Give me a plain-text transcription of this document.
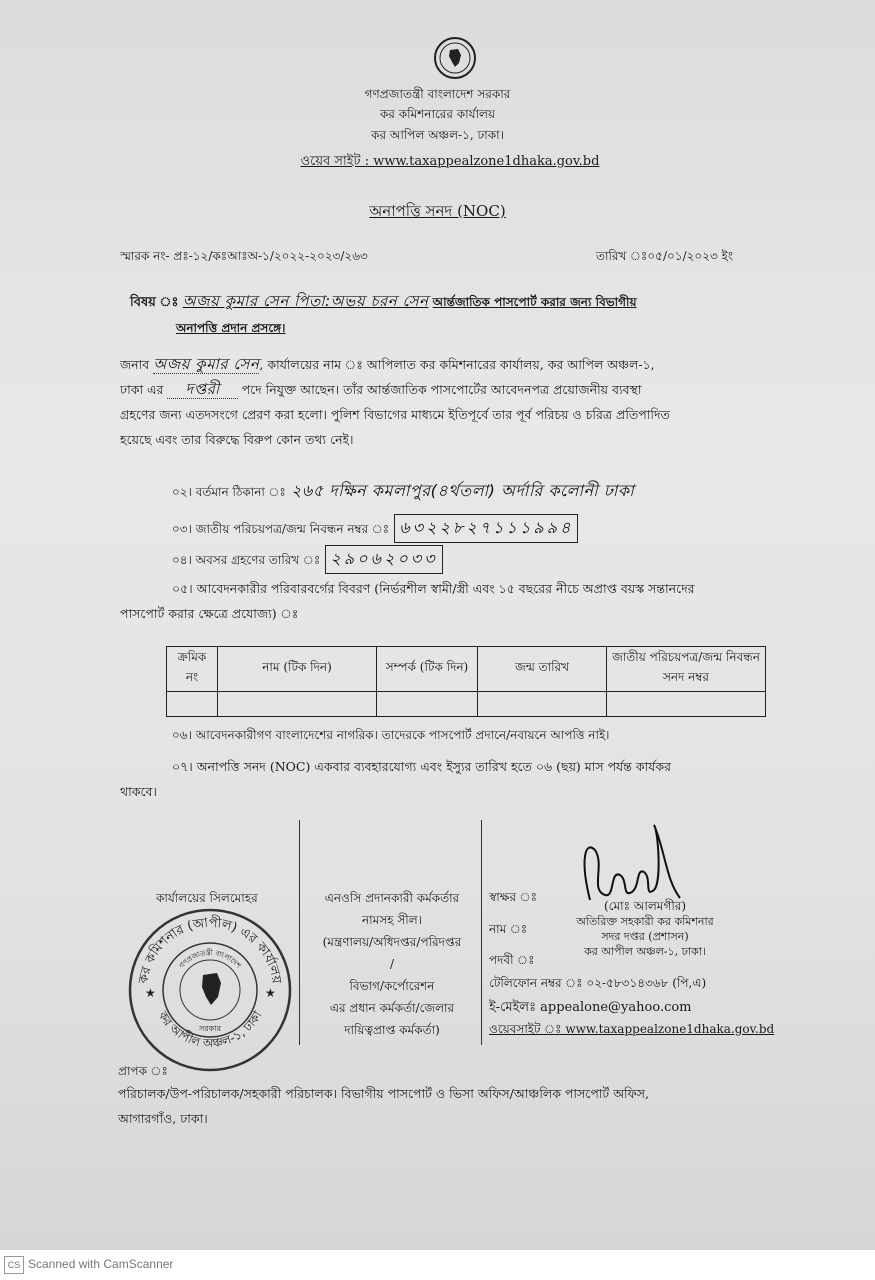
গণপ্রজাতন্ত্রী বাংলাদেশ সরকার
কর কমিশনারের কার্যালয়
কর আপিল অঞ্চল-১, ঢাকা।
ওয়েব সাইট : www.taxappealzone1dhaka.gov.bd
অনাপত্তি সনদ (NOC)
স্মারক নং- প্রঃ-১২/কঃআঃঅ-১/২০২২-২০২৩/২৬৩	তারিখ ঃ০৫/০১/২০২৩ ইং
বিষয় ঃ অজয় কুমার সেন পিতা:অভয় চরন সেন আর্ন্তজাতিক পাসপোর্ট করার জন্য বিভাগীয়
অনাপত্তি প্রদান প্রসঙ্গে।
জনাব অজয় কুমার সেন, কার্যালয়ের নাম ঃ আপিলাত কর কমিশনারের কার্যালয়, কর আপিল অঞ্চল-১,
ঢাকা এর দপ্তরী পদে নিযুক্ত আছেন। তাঁর আর্ন্তজাতিক পাসপোর্টের আবেদনপত্র প্রয়োজনীয় ব্যবস্থা
গ্রহণের জন্য এতদসংগে প্রেরণ করা হলো। পুলিশ বিভাগের মাধ্যমে ইতিপূর্বে তার পূর্ব পরিচয় ও চরিত্র প্রতিপাদিত
হয়েছে এবং তার বিরুদ্ধে বিরুপ কোন তথ্য নেই।
০২। বর্তমান ঠিকানা ঃ ২৬৫ দক্ষিন কমলাপুর(৪র্থতলা) অর্দারি কলোনী ঢাকা
০৩। জাতীয় পরিচয়পত্র/জন্ম নিবন্ধন নম্বর ঃ ৬৩২২৮২৭১১১৯৯৪
০৪। অবসর গ্রহণের তারিখ ঃ ২৯০৬২০৩৩
০৫। আবেদনকারীর পরিবারবর্গের বিবরণ (নির্ভরশীল স্বামী/স্ত্রী এবং ১৫ বছরের নীচে অপ্রাপ্ত বয়স্ক সন্তানদের
পাসপোর্ট করার ক্ষেত্রে প্রযোজ্য) ঃ
ক্রমিক নং	নাম (টিক দিন)	সম্পর্ক (টিক দিন)	জন্ম তারিখ	জাতীয় পরিচয়পত্র/জন্ম নিবন্ধন সনদ নম্বর

০৬। আবেদনকারীগণ বাংলাদেশের নাগরিক। তাদেরকে পাসপোর্ট প্রদানে/নবায়নে আপত্তি নাই।
০৭। অনাপত্তি সনদ (NOC) একবার ব্যবহারযোগ্য এবং ইস্যুর তারিখ হতে ০৬ (ছয়) মাস পর্যন্ত কার্যকর
থাকবে।
কার্যালয়ের সিলমোহর
কর কমিশনার (আপীল) এর কার্যালয়
কর আপীল অঞ্চল-১, ঢাকা
গণপ্রজাতন্ত্রী বাংলাদেশ
সরকার
★	★
এনওসি প্রদানকারী কর্মকর্তার
নামসহ সীল।
(মন্ত্রণালয়/অধিদপ্তর/পরিদপ্তর
/
বিভাগ/কর্পোরেশন
এর প্রধান কর্মকর্তা/জেলার
দায়িত্বপ্রাপ্ত কর্মকর্তা)
স্বাক্ষর ঃ
নাম ঃ
পদবী ঃ
(মোঃ আলমগীর)
অতিরিক্ত সহকারী কর কমিশনার
সদর দপ্তর (প্রশাসন)
কর আপীল অঞ্চল-১, ঢাকা।
টেলিফোন নম্বর ঃ ০২-৫৮৩১৪৩৬৮ (পি,এ)
ই-মেইলঃ appealone@yahoo.com
ওয়েবসাইট ঃ www.taxappealzone1dhaka.gov.bd
প্রাপক ঃ
পরিচালক/উপ-পরিচালক/সহকারী পরিচালক। বিভাগীয় পাসপোর্ট ও ভিসা অফিস/আঞ্চলিক পাসপোর্ট অফিস,
আগারগাঁও, ঢাকা।
CS Scanned with CamScanner
